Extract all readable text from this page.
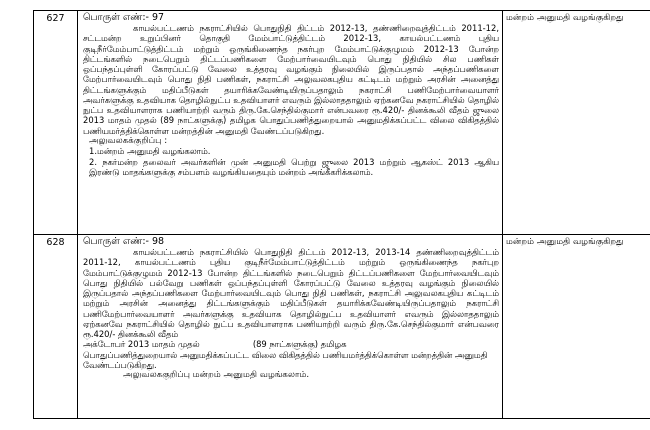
627	பொருள் எண்:- 97

காயல்பட்டணம் நகராட்சியில் பொதுநிதி திட்டம் 2012-13, தண்ணிறைவுத்திட்டம் 2011-12, சட்டமன்ற உறுப்பினர் தொகுதி மேம்பாட்டுத்திட்டம் 2012-13, காயல்பட்டணம் புதிய குடிநீர்மேம்பாட்டுத்திட்டம் மற்றும் ஒருங்கிணைந்த நகர்புற மேம்பாட்டுக்குழுமம் 2012-13 போன்ற திட்டங்களில் நடைபெறும் திட்டப்பணிகளை மேற்பார்வையிடவும் பொது நிதியில் சில பணிகள் ஒப்பந்தப்புள்ளி கோரப்பட்டு வேலை உத்தரவு வழங்கும் நிலையில் இருப்பதால் அந்தப்பணிகளை மேற்பார்வையிடவும் பொது நிதி பணிகள், நகராட்சி அலுவலகபுதிய கட்டிடம் மற்றும் அரசின் அனைத்து திட்டங்களுக்கும் மதிப்பீடுகள் தயாரிக்கவேண்டியிருப்பதாலும் நகராட்சி பணிமேற்பார்வையாளர் அவர்களுக்கு உதவியாக தொழில்நுட்ப உதவியாளர் எவரும் இல்லாததாலும் ஏற்கனவே நகராட்சியில் தொழில் நுட்ப உதவியாளராக பணியாற்றி வரும் திரு.கே.செந்தில்குமார் என்பவரை ரூ.420/- தினக்கூலி வீதம் ஜுலை 2013 மாதம் முதல் (89 நாட்களுக்கு) தமிழக பொதுப்பணித்துறையால் அனுமதிக்கப்பட்ட விலை விகிதத்தில் பணியமர்த்திக்கொள்ள மன்றத்தின் அனுமதி வேண்டப்படுகிறது.

அலுவலகக்குறிப்பு :

1.மன்றம் அனுமதி வழங்கலாம்.

2. நகர்மன்ற தலைவர் அவர்களின் முன் அனுமதி பெற்று ஜுலை 2013 மற்றும் ஆகஸ்ட் 2013 ஆகிய இரண்டு மாதங்களுக்கு சம்பளம் வழங்கியதையும் மன்றம் அங்கீகரிக்கலாம்.	மன்றம் அனுமதி வழங்குகிறது
628	பொருள் எண்:- 98

காயல்பட்டணம் நகராட்சியில் பொதுநிதி திட்டம் 2012-13, 2013-14 தண்ணிறைவுத்திட்டம் 2011-12, காயல்பட்டணம் புதிய குடிநீர்மேம்பாட்டுத்திட்டம் மற்றும் ஒருங்கிணைந்த நகர்புற மேம்பாட்டுக்குழுமம் 2012-13 போன்ற திட்டங்களில் நடைபெறும் திட்டப்பணிகளை மேற்பார்வையிடவும் பொது நிதியில் பல்வேறு பணிகள் ஒப்பந்தப்புள்ளி கோரப்பட்டு வேலை உத்தரவு வழங்கும் நிலையில் இருப்பதால் அந்தப்பணிகளை மேற்பார்வையிடவும் பொது நிதி பணிகள், நகராட்சி அலுவலகபுதிய கட்டிடம் மற்றும் அரசின் அனைத்து திட்டங்களுக்கும் மதிப்பீடுகள் தயாரிக்கவேண்டியிருப்பதாலும் நகராட்சி பணிமேற்பார்வையாளர் அவர்களுக்கு உதவியாக தொழில்நுட்ப உதவியாளர் எவரும் இல்லாததாலும் ஏற்கனவே நகராட்சியில் தொழில் நுட்ப உதவியாளராக பணியாற்றி வரும் திரு.கே.செந்தில்குமார் என்பவரை ரூ.420/- தினக்கூலி வீதம்

அக்டோபர் 2013 மாதம் முதல்                    (89 நாட்களுக்கு) தமிழக

பொதுப்பணித்துறையால் அனுமதிக்கப்பட்ட விலை விகிதத்தில் பணியமர்த்திக்கொள்ள மன்றத்தின் அனுமதி வேண்டப்படுகிறது.

அலுவலககுறிப்பு மன்றம் அனுமதி வழங்கலாம்.	மன்றம் அனுமதி வழங்குகிறது
